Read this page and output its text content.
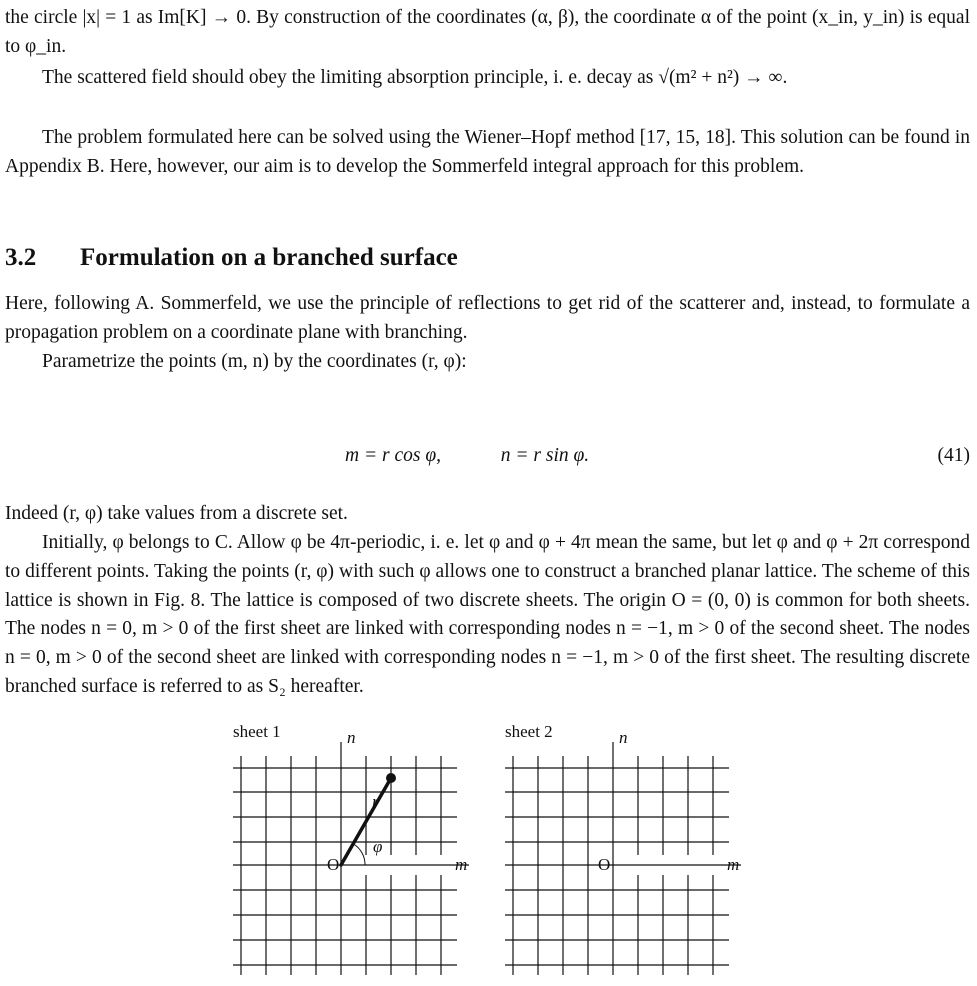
the circle |x| = 1 as Im[K] → 0. By construction of the coordinates (α, β), the coordinate α of the point (x_in, y_in) is equal to φ_in.
The scattered field should obey the limiting absorption principle, i. e. decay as √(m² + n²) → ∞.
The problem formulated here can be solved using the Wiener–Hopf method [17, 15, 18]. This solution can be found in Appendix B. Here, however, our aim is to develop the Sommerfeld integral approach for this problem.
3.2 Formulation on a branched surface
Here, following A. Sommerfeld, we use the principle of reflections to get rid of the scatterer and, instead, to formulate a propagation problem on a coordinate plane with branching.
Parametrize the points (m, n) by the coordinates (r, φ):
m = r cos φ,	n = r sin φ.	(41)
Indeed (r, φ) take values from a discrete set.
Initially, φ belongs to C. Allow φ be 4π-periodic, i. e. let φ and φ + 4π mean the same, but let φ and φ + 2π correspond to different points. Taking the points (r, φ) with such φ allows one to construct a branched planar lattice. The scheme of this lattice is shown in Fig. 8. The lattice is composed of two discrete sheets. The origin O = (0, 0) is common for both sheets. The nodes n = 0, m > 0 of the first sheet are linked with corresponding nodes n = −1, m > 0 of the second sheet. The nodes n = 0, m > 0 of the second sheet are linked with corresponding nodes n = −1, m > 0 of the first sheet. The resulting discrete branched surface is referred to as S₂ hereafter.
sheet 1	n
m
O
r
φ
sheet 2	n
m
O
